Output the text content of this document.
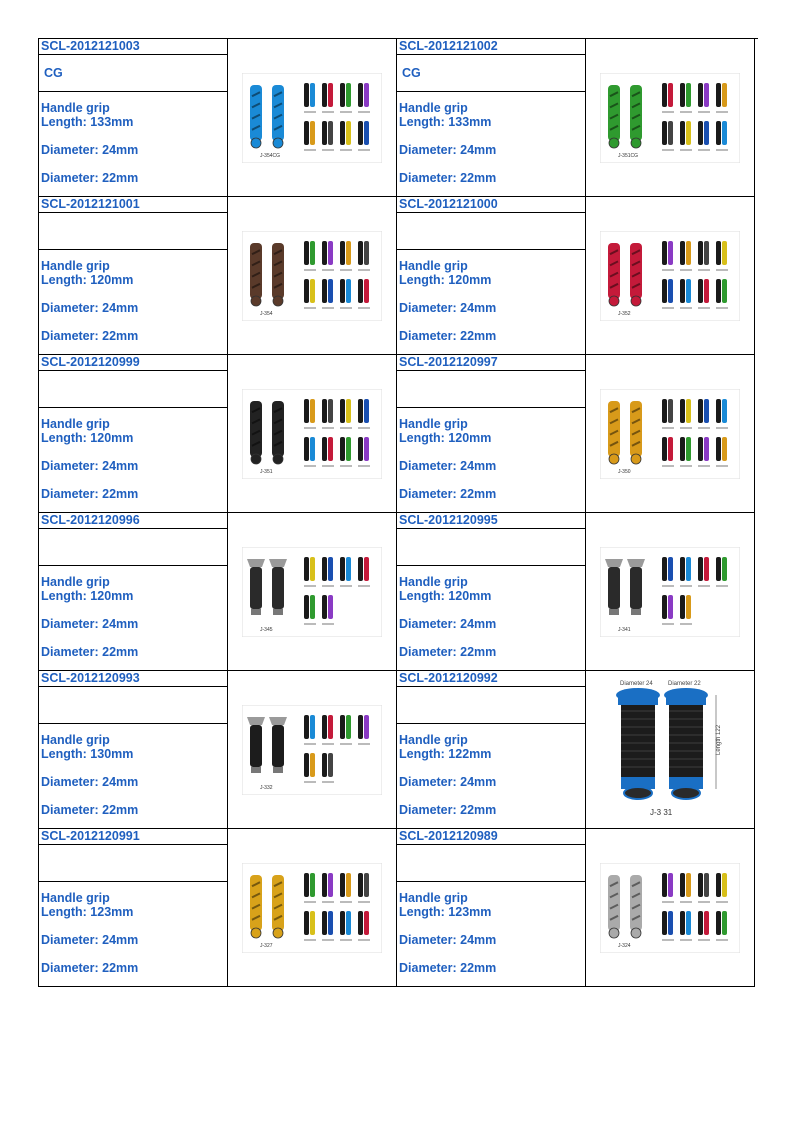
SCL-2012121003
CG
Handle grip
Length: 133mm
Diameter: 24mm
Diameter: 22mm
J-354CG
SCL-2012121002
CG
Handle grip
Length: 133mm
Diameter: 24mm
Diameter: 22mm
J-351CG
SCL-2012121001
Handle grip
Length: 120mm
Diameter: 24mm
Diameter: 22mm
J-354
SCL-2012121000
Handle grip
Length: 120mm
Diameter: 24mm
Diameter: 22mm
J-352
SCL-2012120999
Handle grip
Length: 120mm
Diameter: 24mm
Diameter: 22mm
J-351
SCL-2012120997
Handle grip
Length: 120mm
Diameter: 24mm
Diameter: 22mm
J-350
SCL-2012120996
Handle grip
Length: 120mm
Diameter: 24mm
Diameter: 22mm
J-345
SCL-2012120995
Handle grip
Length: 120mm
Diameter: 24mm
Diameter: 22mm
J-341
SCL-2012120993
Handle grip
Length: 130mm
Diameter: 24mm
Diameter: 22mm
J-332
SCL-2012120992
Handle grip
Length: 122mm
Diameter: 24mm
Diameter: 22mm
Diameter 24	Diameter 22
Length 122
J-3 31
SCL-2012120991
Handle grip
Length: 123mm
Diameter: 24mm
Diameter: 22mm
J-327
SCL-2012120989
Handle grip
Length: 123mm
Diameter: 24mm
Diameter: 22mm
J-324
